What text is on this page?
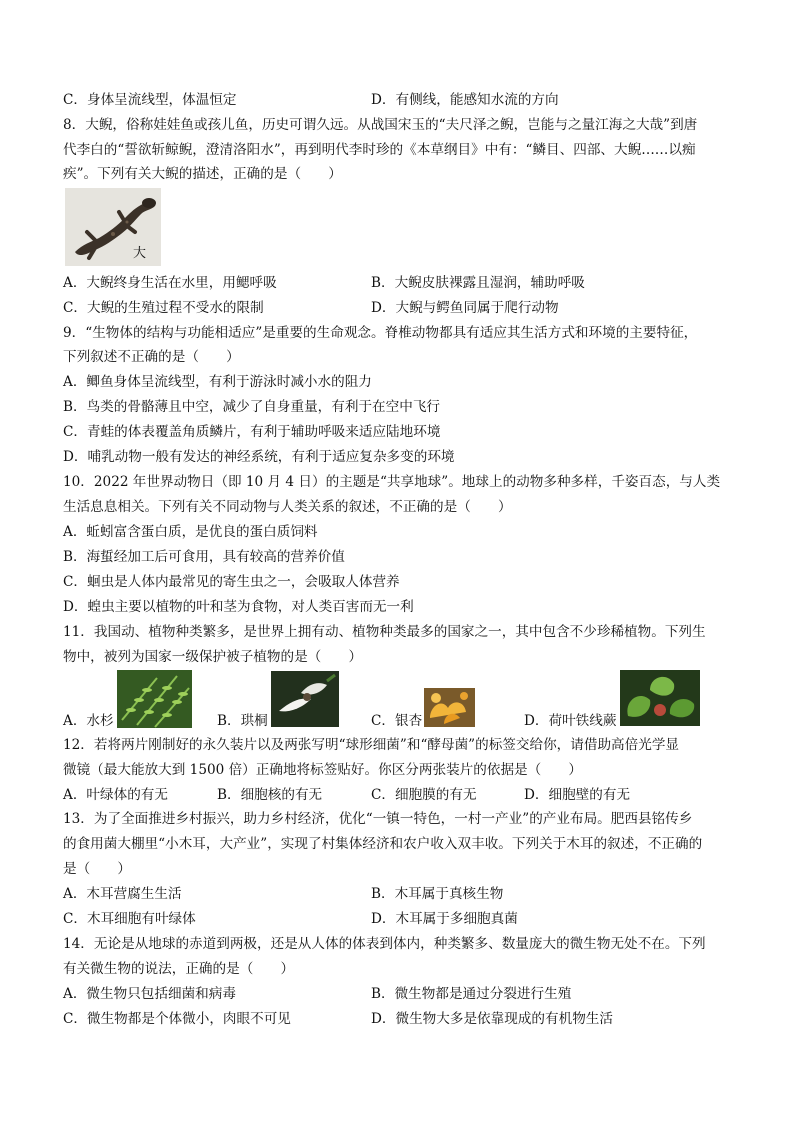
C．身体呈流线型，体温恒定	D．有侧线，能感知水流的方向
8．大鲵，俗称娃娃鱼或孩儿鱼，历史可谓久远。从战国宋玉的“夫尺泽之鲵，岂能与之量江海之大哉”到唐
代李白的“誓欲斩鲸鲵，澄清洛阳水”，再到明代李时珍的《本草纲目》中有：“鳞目、四部、大鲵……以痴
疾”。下列有关大鲵的描述，正确的是（　　）
大
A．大鲵终身生活在水里，用鳃呼吸	B．大鲵皮肤裸露且湿润，辅助呼吸
C．大鲵的生殖过程不受水的限制	D．大鲵与鳄鱼同属于爬行动物
9．“生物体的结构与功能相适应”是重要的生命观念。脊椎动物都具有适应其生活方式和环境的主要特征，
下列叙述不正确的是（　　）
A．鲫鱼身体呈流线型，有利于游泳时减小水的阻力
B．鸟类的骨骼薄且中空，减少了自身重量，有利于在空中飞行
C．青蛙的体表覆盖角质鳞片，有利于辅助呼吸来适应陆地环境
D．哺乳动物一般有发达的神经系统，有利于适应复杂多变的环境
10．2022 年世界动物日（即 10 月 4 日）的主题是“共享地球”。地球上的动物多种多样，千姿百态，与人类
生活息息相关。下列有关不同动物与人类关系的叙述，不正确的是（　　）
A．蚯蚓富含蛋白质，是优良的蛋白质饲料
B．海蜇经加工后可食用，具有较高的营养价值
C．蛔虫是人体内最常见的寄生虫之一，会吸取人体营养
D．蝗虫主要以植物的叶和茎为食物，对人类百害而无一利
11．我国动、植物种类繁多，是世界上拥有动、植物种类最多的国家之一，其中包含不少珍稀植物。下列生
物中，被列为国家一级保护被子植物的是（　　）
A．水杉	B．珙桐	C．银杏	D．荷叶铁线蕨
12．若将两片刚制好的永久装片以及两张写明“球形细菌”和“酵母菌”的标签交给你，请借助高倍光学显
微镜（最大能放大到 1500 倍）正确地将标签贴好。你区分两张装片的依据是（　　）
A．叶绿体的有无	B．细胞核的有无	C．细胞膜的有无	D．细胞壁的有无
13．为了全面推进乡村振兴，助力乡村经济，优化“一镇一特色，一村一产业”的产业布局。肥西县铭传乡
的食用菌大棚里“小木耳，大产业”，实现了村集体经济和农户收入双丰收。下列关于木耳的叙述，不正确的
是（　　）
A．木耳营腐生生活	B．木耳属于真核生物
C．木耳细胞有叶绿体	D．木耳属于多细胞真菌
14．无论是从地球的赤道到两极，还是从人体的体表到体内，种类繁多、数量庞大的微生物无处不在。下列
有关微生物的说法，正确的是（　　）
A．微生物只包括细菌和病毒	B．微生物都是通过分裂进行生殖
C．微生物都是个体微小，肉眼不可见	D．微生物大多是依靠现成的有机物生活
